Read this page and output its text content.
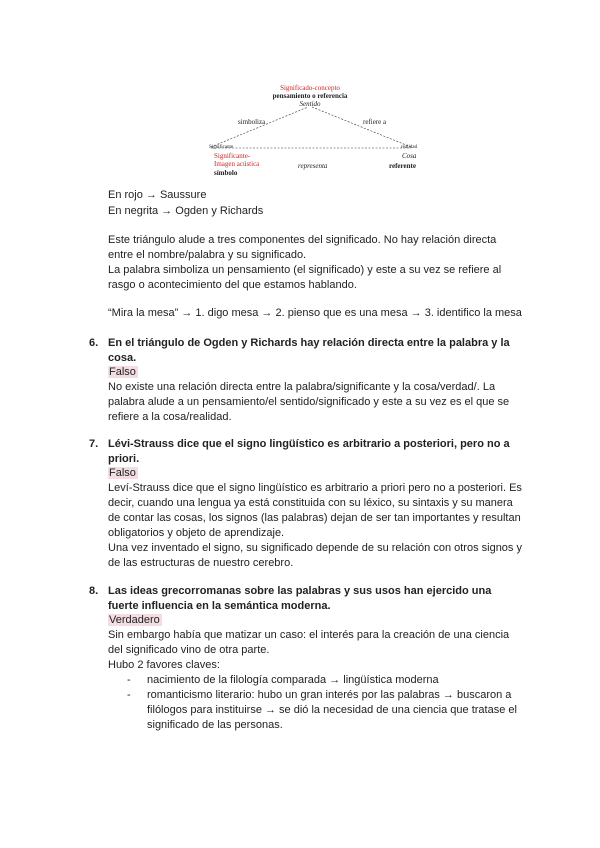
Significado-concepto
pensamiento o referencia
Sentido
simboliza	refiere a
Significante	realidad
Cosa
Significante-
Imagen acústica	representa
símbolo
referente
En rojo → Saussure
En negrita → Ogden y Richards
Este triángulo alude a tres componentes del significado. No hay relación directa
entre el nombre/palabra y su significado.
La palabra simboliza un pensamiento (el significado) y este a su vez se refiere al
rasgo o acontecimiento del que estamos hablando.
“Mira la mesa” → 1. digo mesa → 2. pienso que es una mesa → 3. identifico la mesa
6. En el triángulo de Ogden y Richards hay relación directa entre la palabra y la
cosa.
Falso
No existe una relación directa entre la palabra/significante y la cosa/verdad/. La
palabra alude a un pensamiento/el sentido/significado y este a su vez es el que se
refiere a la cosa/realidad.
7. Lévi-Strauss dice que el signo lingüístico es arbitrario a posteriori, pero no a
priori.
Falso
Leví-Strauss dice que el signo lingüístico es arbitrario a priori pero no a posteriori. Es
decir, cuando una lengua ya está constituida con su léxico, su sintaxis y su manera
de contar las cosas, los signos (las palabras) dejan de ser tan importantes y resultan
obligatorios y objeto de aprendizaje.
Una vez inventado el signo, su significado depende de su relación con otros signos y
de las estructuras de nuestro cerebro.
8. Las ideas grecorromanas sobre las palabras y sus usos han ejercido una
fuerte influencia en la semántica moderna.
Verdadero
Sin embargo había que matizar un caso: el interés para la creación de una ciencia
del significado vino de otra parte.
Hubo 2 favores claves:
- nacimiento de la filología comparada → lingüística moderna
- romanticismo literario: hubo un gran interés por las palabras → buscaron a
filólogos para instituirse → se dió la necesidad de una ciencia que tratase el
significado de las personas.
